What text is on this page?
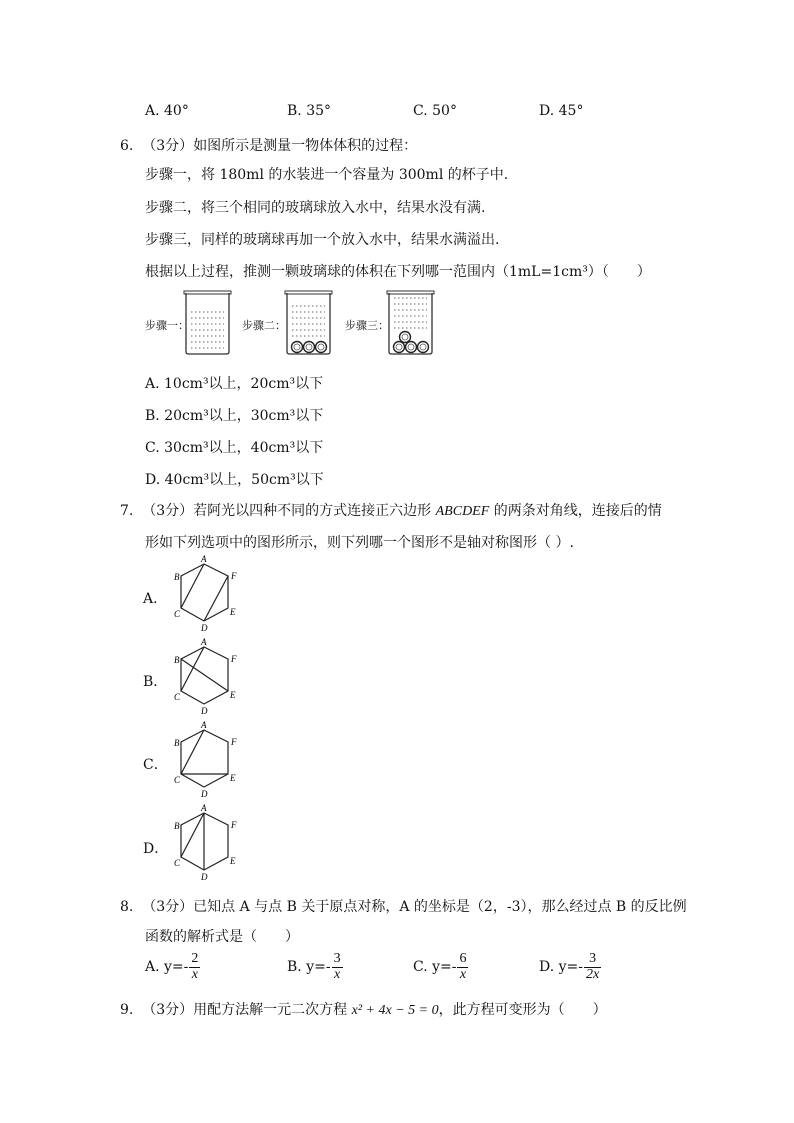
A. 40°	B. 35°	C. 50°	D. 45°
6. （3分）如图所示是测量一物体体积的过程：
步骤一，将 180ml 的水装进一个容量为 300ml 的杯子中.
步骤二，将三个相同的玻璃球放入水中，结果水没有满.
步骤三，同样的玻璃球再加一个放入水中，结果水满溢出.
根据以上过程，推测一颗玻璃球的体积在下列哪一范围内（1mL=1cm³）（　　）
步骤一：	步骤二：	步骤三：
A. 10cm³以上，20cm³以下
B. 20cm³以上，30cm³以下
C. 30cm³以上，40cm³以下
D. 40cm³以上，50cm³以下
7. （3分）若阿光以四种不同的方式连接正六边形 ABCDEF 的两条对角线，连接后的情
形如下列选项中的图形所示，则下列哪一个图形不是轴对称图形（ ）.
A．
B．
C．
D．
A
B
C
D
E
F
A
B
C
D
E
F
A
B
C
D
E
F
A
B
C
D
E
F
8. （3分）已知点 A 与点 B 关于原点对称，A 的坐标是（2，-3），那么经过点 B 的反比例
函数的解析式是（　　）
A. $y=- \frac{2}{x}$	B. $y=- \frac{3}{x}$	C. $y=- \frac{6}{x}$	D. $y=- \frac{3}{2x}$
9. （3分）用配方法解一元二次方程 x² + 4x − 5 = 0，此方程可变形为（　　）
